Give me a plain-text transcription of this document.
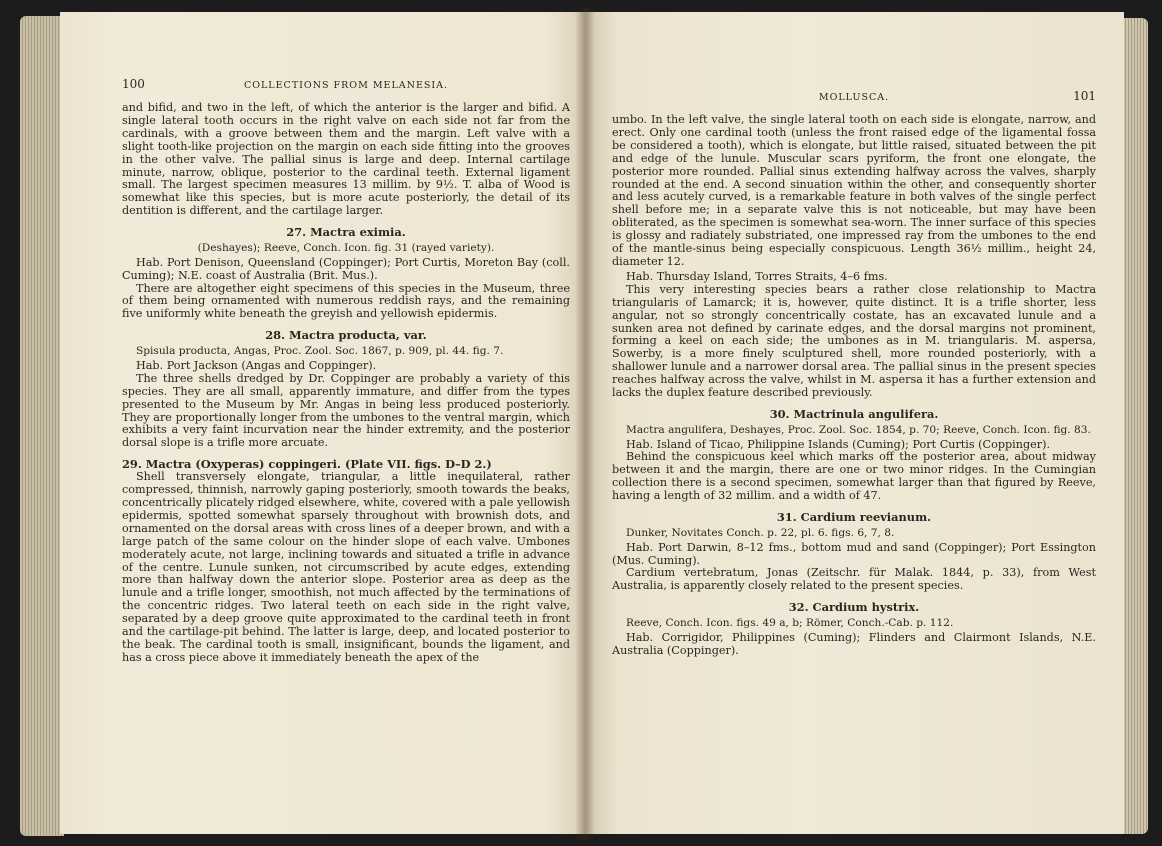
100	COLLECTIONS FROM MELANESIA.

and bifid, and two in the left, of which the anterior is the larger and bifid. A single lateral tooth occurs in the right valve on each side not far from the cardinals, with a groove between them and the margin. Left valve with a slight tooth-like projection on the margin on each side fitting into the grooves in the other valve. The pallial sinus is large and deep. Internal cartilage minute, narrow, oblique, posterior to the cardinal teeth. External ligament small. The largest specimen measures 13 millim. by 9½. T. alba of Wood is somewhat like this species, but is more acute posteriorly, the detail of its dentition is different, and the cartilage larger.

27. Mactra eximia.

(Deshayes); Reeve, Conch. Icon. fig. 31 (rayed variety).

Hab. Port Denison, Queensland (Coppinger); Port Curtis, Moreton Bay (coll. Cuming); N.E. coast of Australia (Brit. Mus.).

There are altogether eight specimens of this species in the Museum, three of them being ornamented with numerous reddish rays, and the remaining five uniformly white beneath the greyish and yellowish epidermis.

28. Mactra producta, var.

Spisula producta, Angas, Proc. Zool. Soc. 1867, p. 909, pl. 44. fig. 7.

Hab. Port Jackson (Angas and Coppinger).

The three shells dredged by Dr. Coppinger are probably a variety of this species. They are all small, apparently immature, and differ from the types presented to the Museum by Mr. Angas in being less produced posteriorly. They are proportionally longer from the umbones to the ventral margin, which exhibits a very faint incurvation near the hinder extremity, and the posterior dorsal slope is a trifle more arcuate.

29. Mactra (Oxyperas) coppingeri. (Plate VII. figs. D–D 2.)

Shell transversely elongate, triangular, a little inequilateral, rather compressed, thinnish, narrowly gaping posteriorly, smooth towards the beaks, concentrically plicately ridged elsewhere, white, covered with a pale yellowish epidermis, spotted somewhat sparsely throughout with brownish dots, and ornamented on the dorsal areas with cross lines of a deeper brown, and with a large patch of the same colour on the hinder slope of each valve. Umbones moderately acute, not large, inclining towards and situated a trifle in advance of the centre. Lunule sunken, not circumscribed by acute edges, extending more than halfway down the anterior slope. Posterior area as deep as the lunule and a trifle longer, smoothish, not much affected by the terminations of the concentric ridges. Two lateral teeth on each side in the right valve, separated by a deep groove quite approximated to the cardinal teeth in front and the cartilage-pit behind. The latter is large, deep, and located posterior to the beak. The cardinal tooth is small, insignificant, bounds the ligament, and has a cross piece above it immediately beneath the apex of the

MOLLUSCA.	101

umbo. In the left valve, the single lateral tooth on each side is elongate, narrow, and erect. Only one cardinal tooth (unless the front raised edge of the ligamental fossa be considered a tooth), which is elongate, but little raised, situated between the pit and edge of the lunule. Muscular scars pyriform, the front one elongate, the posterior more rounded. Pallial sinus extending halfway across the valves, sharply rounded at the end. A second sinuation within the other, and consequently shorter and less acutely curved, is a remarkable feature in both valves of the single perfect shell before me; in a separate valve this is not noticeable, but may have been obliterated, as the specimen is somewhat sea-worn. The inner surface of this species is glossy and radiately substriated, one impressed ray from the umbones to the end of the mantle-sinus being especially conspicuous. Length 36½ millim., height 24, diameter 12.

Hab. Thursday Island, Torres Straits, 4–6 fms.

This very interesting species bears a rather close relationship to Mactra triangularis of Lamarck; it is, however, quite distinct. It is a trifle shorter, less angular, not so strongly concentrically costate, has an excavated lunule and a sunken area not defined by carinate edges, and the dorsal margins not prominent, forming a keel on each side; the umbones as in M. triangularis. M. aspersa, Sowerby, is a more finely sculptured shell, more rounded posteriorly, with a shallower lunule and a narrower dorsal area. The pallial sinus in the present species reaches halfway across the valve, whilst in M. aspersa it has a further extension and lacks the duplex feature described previously.

30. Mactrinula angulifera.

Mactra angulifera, Deshayes, Proc. Zool. Soc. 1854, p. 70; Reeve, Conch. Icon. fig. 83.

Hab. Island of Ticao, Philippine Islands (Cuming); Port Curtis (Coppinger).

Behind the conspicuous keel which marks off the posterior area, about midway between it and the margin, there are one or two minor ridges. In the Cumingian collection there is a second specimen, somewhat larger than that figured by Reeve, having a length of 32 millim. and a width of 47.

31. Cardium reevianum.

Dunker, Novitates Conch. p. 22, pl. 6. figs. 6, 7, 8.

Hab. Port Darwin, 8–12 fms., bottom mud and sand (Coppinger); Port Essington (Mus. Cuming).

Cardium vertebratum, Jonas (Zeitschr. für Malak. 1844, p. 33), from West Australia, is apparently closely related to the present species.

32. Cardium hystrix.

Reeve, Conch. Icon. figs. 49 a, b; Römer, Conch.-Cab. p. 112.

Hab. Corrigidor, Philippines (Cuming); Flinders and Clairmont Islands, N.E. Australia (Coppinger).
